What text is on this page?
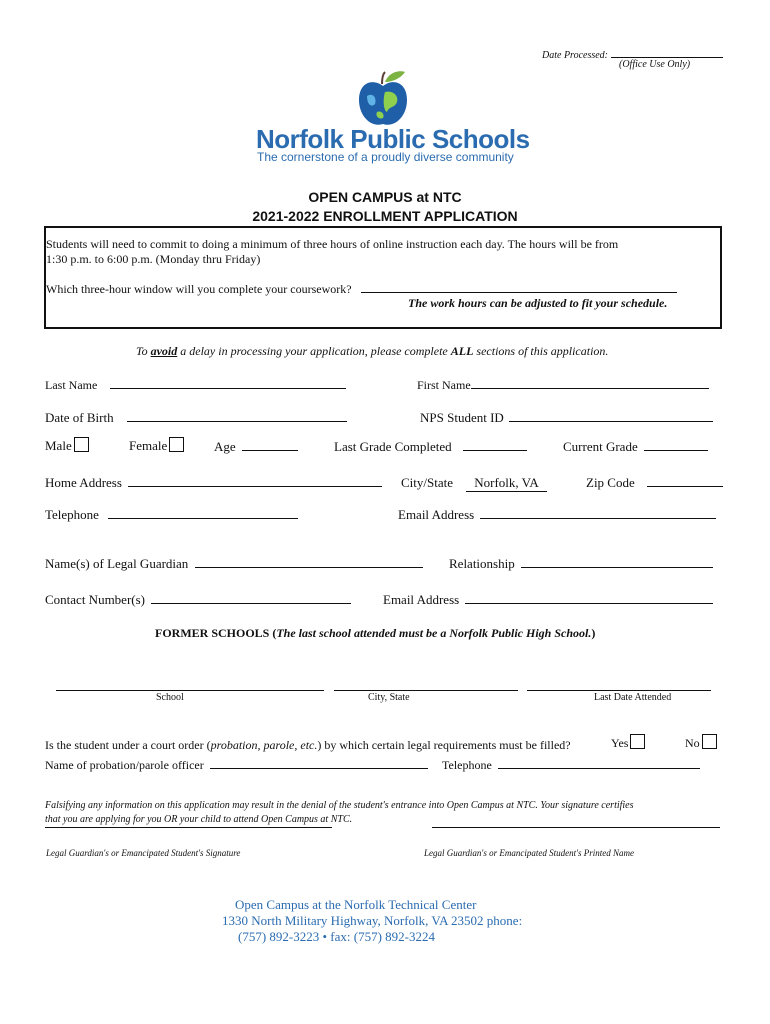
Date Processed:
(Office Use Only)
Norfolk Public Schools
The cornerstone of a proudly diverse community
OPEN CAMPUS at NTC
2021-2022 ENROLLMENT APPLICATION
Students will need to commit to doing a minimum of three hours of online instruction each day. The hours will be from
1:30 p.m. to 6:00 p.m. (Monday thru Friday)
Which three-hour window will you complete your coursework?
The work hours can be adjusted to fit your schedule.
To avoid a delay in processing your application, please complete ALL sections of this application.
Last Name	First Name
Date of Birth	NPS Student ID
Male	Female	Age	Last Grade Completed	Current Grade
Home Address	City/State Norfolk, VA	Zip Code
Telephone	Email Address
Name(s) of Legal Guardian	Relationship
Contact Number(s)	Email Address
FORMER SCHOOLS (The last school attended must be a Norfolk Public High School.)
School	City, State	Last Date Attended
Is the student under a court order (probation, parole, etc.) by which certain legal requirements must be filled?	Yes	No
Name of probation/parole officer	Telephone
Falsifying any information on this application may result in the denial of the student's entrance into Open Campus at NTC. Your signature certifies
that you are applying for you OR your child to attend Open Campus at NTC.
Legal Guardian's or Emancipated Student's Signature	Legal Guardian's or Emancipated Student's Printed Name
Open Campus at the Norfolk Technical Center
1330 North Military Highway, Norfolk, VA 23502 phone:
(757) 892-3223 • fax: (757) 892-3224
